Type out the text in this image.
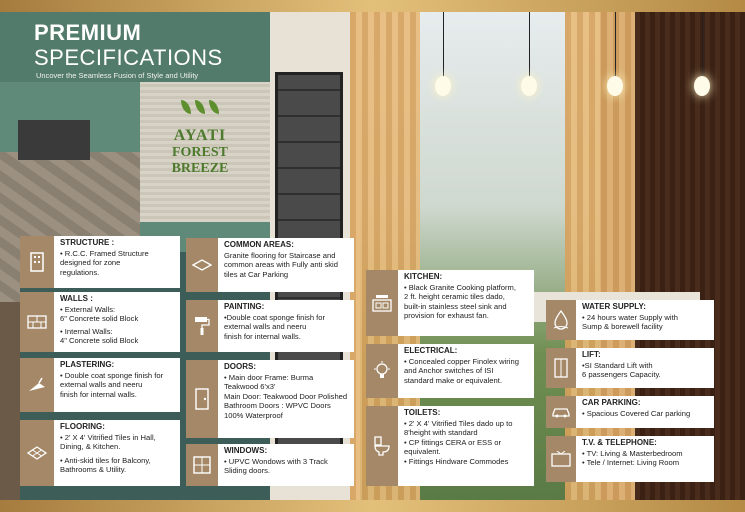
PREMIUM
SPECIFICATIONS
Uncover the Seamless Fusion of Style and Utility

AYATI
FOREST BREEZE
STRUCTURE :
• R.C.C. Framed Structure
designed for zone
regulations.
WALLS :
• External Walls:
6" Concrete solid Block
• Internal Walls:
4" Concrete solid Block
PLASTERING:
• Double coat sponge finish for
external walls and neeru
finish for internal walls.
FLOORING:
• 2' X 4' Vitrified Tiles in Hall,
Dining, & Kitchen.
• Anti-skid tiles for Balcony,
Bathrooms & Utility.
COMMON AREAS:
Granite flooring for Staircase and
common areas with Fully anti skid
tiles at Car Parking
PAINTING:
•Double coat sponge finish for
external walls and neeru
finish for internal walls.
DOORS:
• Main door Frame: Burma
Teakwood 6'x3'
Main Door: Teakwood Door Polished
Bathroom Doors : WPVC Doors
100% Waterproof
WINDOWS:
• UPVC Wondows with 3 Track
Sliding doors.
KITCHEN:
• Black Granite Cooking platform,
2 ft. height ceramic tiles dado,
built-in stainless steel sink and
provision for exhaust fan.
ELECTRICAL:
• Concealed copper Finolex wiring
and Anchor switches of ISI
standard make or equivalent.
TOILETS:
• 2' X 4' Vitrified Tiles dado up to
8'height with standard
• CP fittings CERA or ESS or
equivalent.
• Fittings Hindware Commodes
WATER SUPPLY:
• 24 hours water Supply with
Sump & borewell facility
LIFT:
•SI Standard Lift with
6 passengers Capacity.
CAR PARKING:
• Spacious Covered Car parking
T.V. & TELEPHONE:
• TV: Living & Masterbedroom
• Tele / Internet: Living Room
